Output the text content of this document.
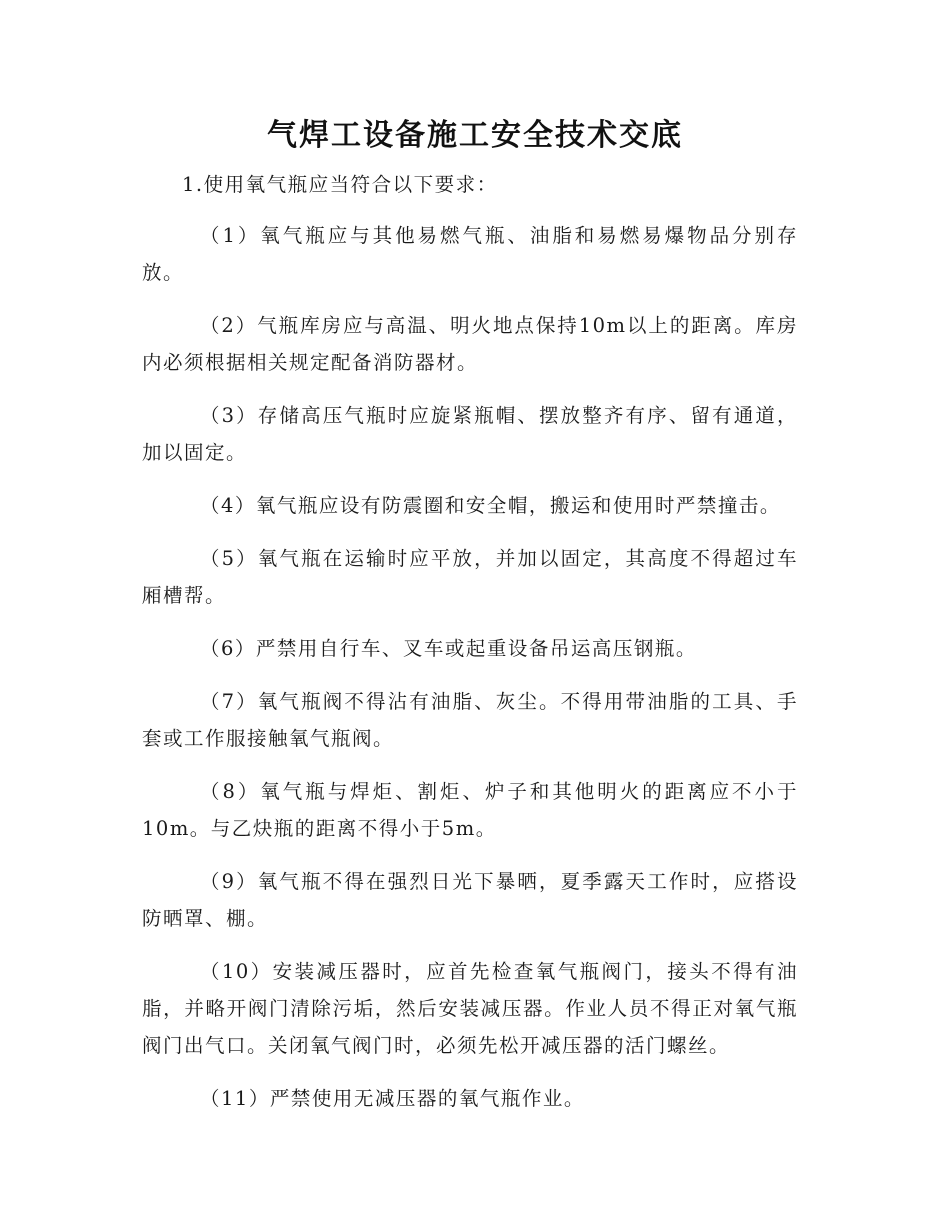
气焊工设备施工安全技术交底

1.使用氧气瓶应当符合以下要求：

（1）氧气瓶应与其他易燃气瓶、油脂和易燃易爆物品分别存放。

（2）气瓶库房应与高温、明火地点保持10m以上的距离。库房内必须根据相关规定配备消防器材。

（3）存储高压气瓶时应旋紧瓶帽、摆放整齐有序、留有通道，加以固定。

（4）氧气瓶应设有防震圈和安全帽，搬运和使用时严禁撞击。

（5）氧气瓶在运输时应平放，并加以固定，其高度不得超过车厢槽帮。

（6）严禁用自行车、叉车或起重设备吊运高压钢瓶。

（7）氧气瓶阀不得沾有油脂、灰尘。不得用带油脂的工具、手套或工作服接触氧气瓶阀。

（8）氧气瓶与焊炬、割炬、炉子和其他明火的距离应不小于10m。与乙炔瓶的距离不得小于5m。

（9）氧气瓶不得在强烈日光下暴晒，夏季露天工作时，应搭设防晒罩、棚。

（10）安装减压器时，应首先检查氧气瓶阀门，接头不得有油脂，并略开阀门清除污垢，然后安装减压器。作业人员不得正对氧气瓶阀门出气口。关闭氧气阀门时，必须先松开减压器的活门螺丝。

（11）严禁使用无减压器的氧气瓶作业。
